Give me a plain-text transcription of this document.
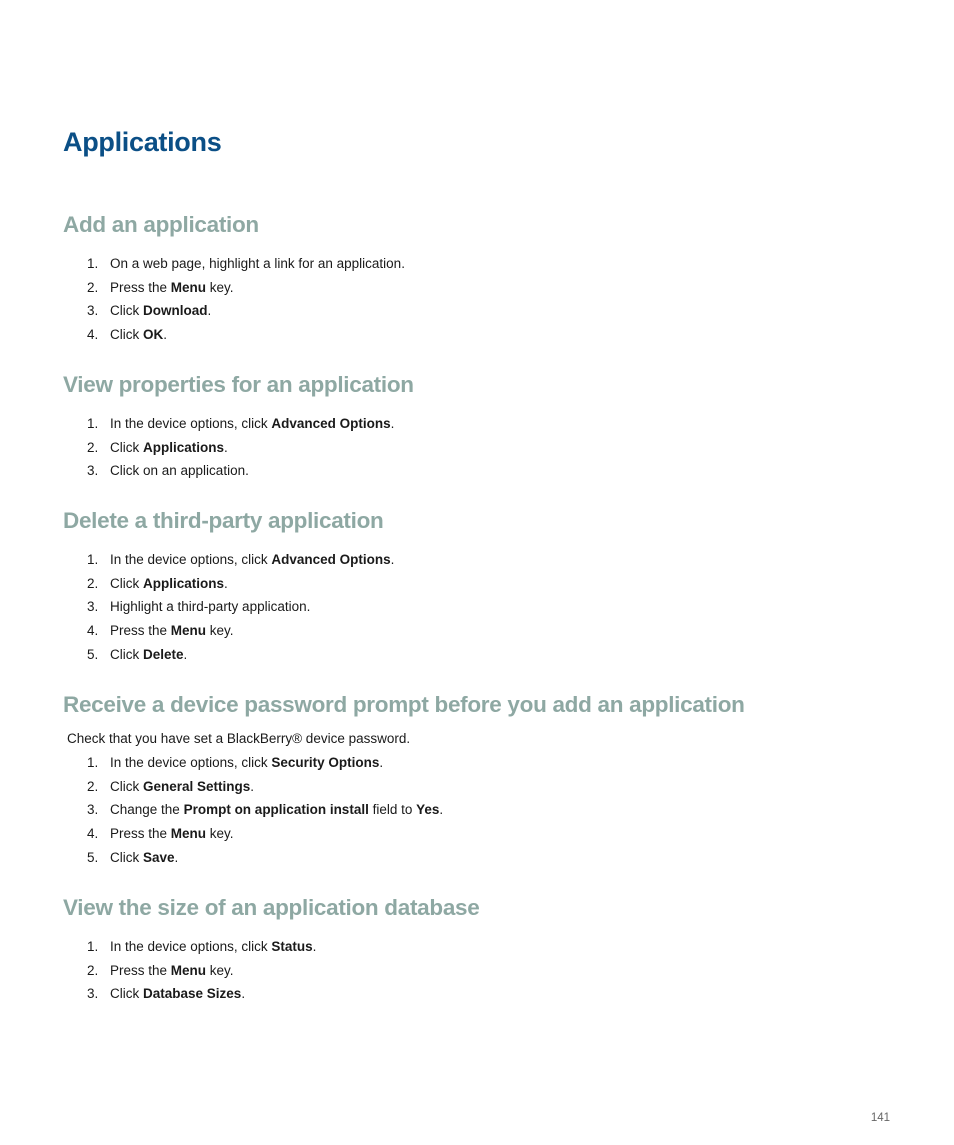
Applications
Add an application
1. On a web page, highlight a link for an application.
2. Press the Menu key.
3. Click Download.
4. Click OK.
View properties for an application
1. In the device options, click Advanced Options.
2. Click Applications.
3. Click on an application.
Delete a third-party application
1. In the device options, click Advanced Options.
2. Click Applications.
3. Highlight a third-party application.
4. Press the Menu key.
5. Click Delete.
Receive a device password prompt before you add an application

Check that you have set a BlackBerry® device password.

1. In the device options, click Security Options.
2. Click General Settings.
3. Change the Prompt on application install field to Yes.
4. Press the Menu key.
5. Click Save.
View the size of an application database
1. In the device options, click Status.
2. Press the Menu key.
3. Click Database Sizes.
141
